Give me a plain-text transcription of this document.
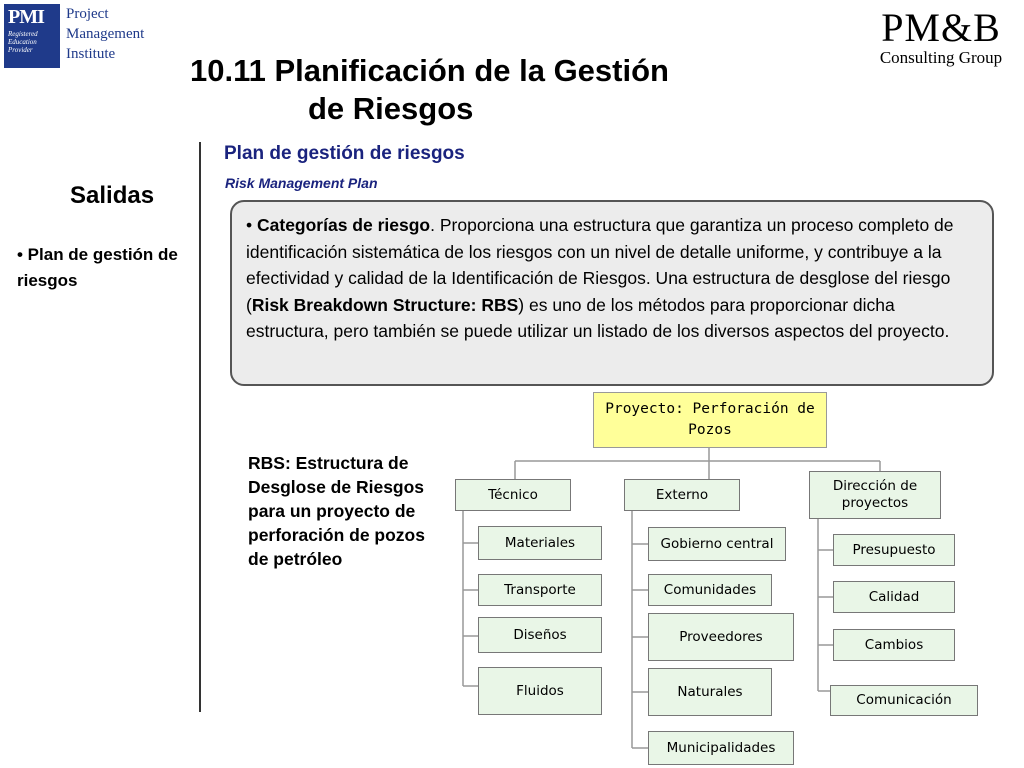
PMI
Registered
Education
Provider
Project
Management
Institute
PM&B
Consulting Group
10.11 Planificación de la Gestión
de Riesgos
Salidas
• Plan de gestión de riesgos
Plan de gestión de riesgos
Risk Management Plan
• Categorías de riesgo. Proporciona una estructura que garantiza un proceso completo de identificación sistemática de los riesgos con un nivel de detalle uniforme, y contribuye a la efectividad y calidad de la Identificación de Riesgos. Una estructura de desglose del riesgo (Risk Breakdown Structure: RBS) es uno de los métodos para proporcionar dicha estructura, pero también se puede utilizar un listado de los diversos aspectos del proyecto.
RBS: Estructura de Desglose de Riesgos para un proyecto de perforación de pozos de petróleo
Proyecto: Perforación de Pozos
Técnico	Externo
Dirección de proyectos
Materiales
Transporte
Diseños
Fluidos
Gobierno central
Comunidades
Proveedores
Naturales
Municipalidades
Presupuesto
Calidad
Cambios
Comunicación
